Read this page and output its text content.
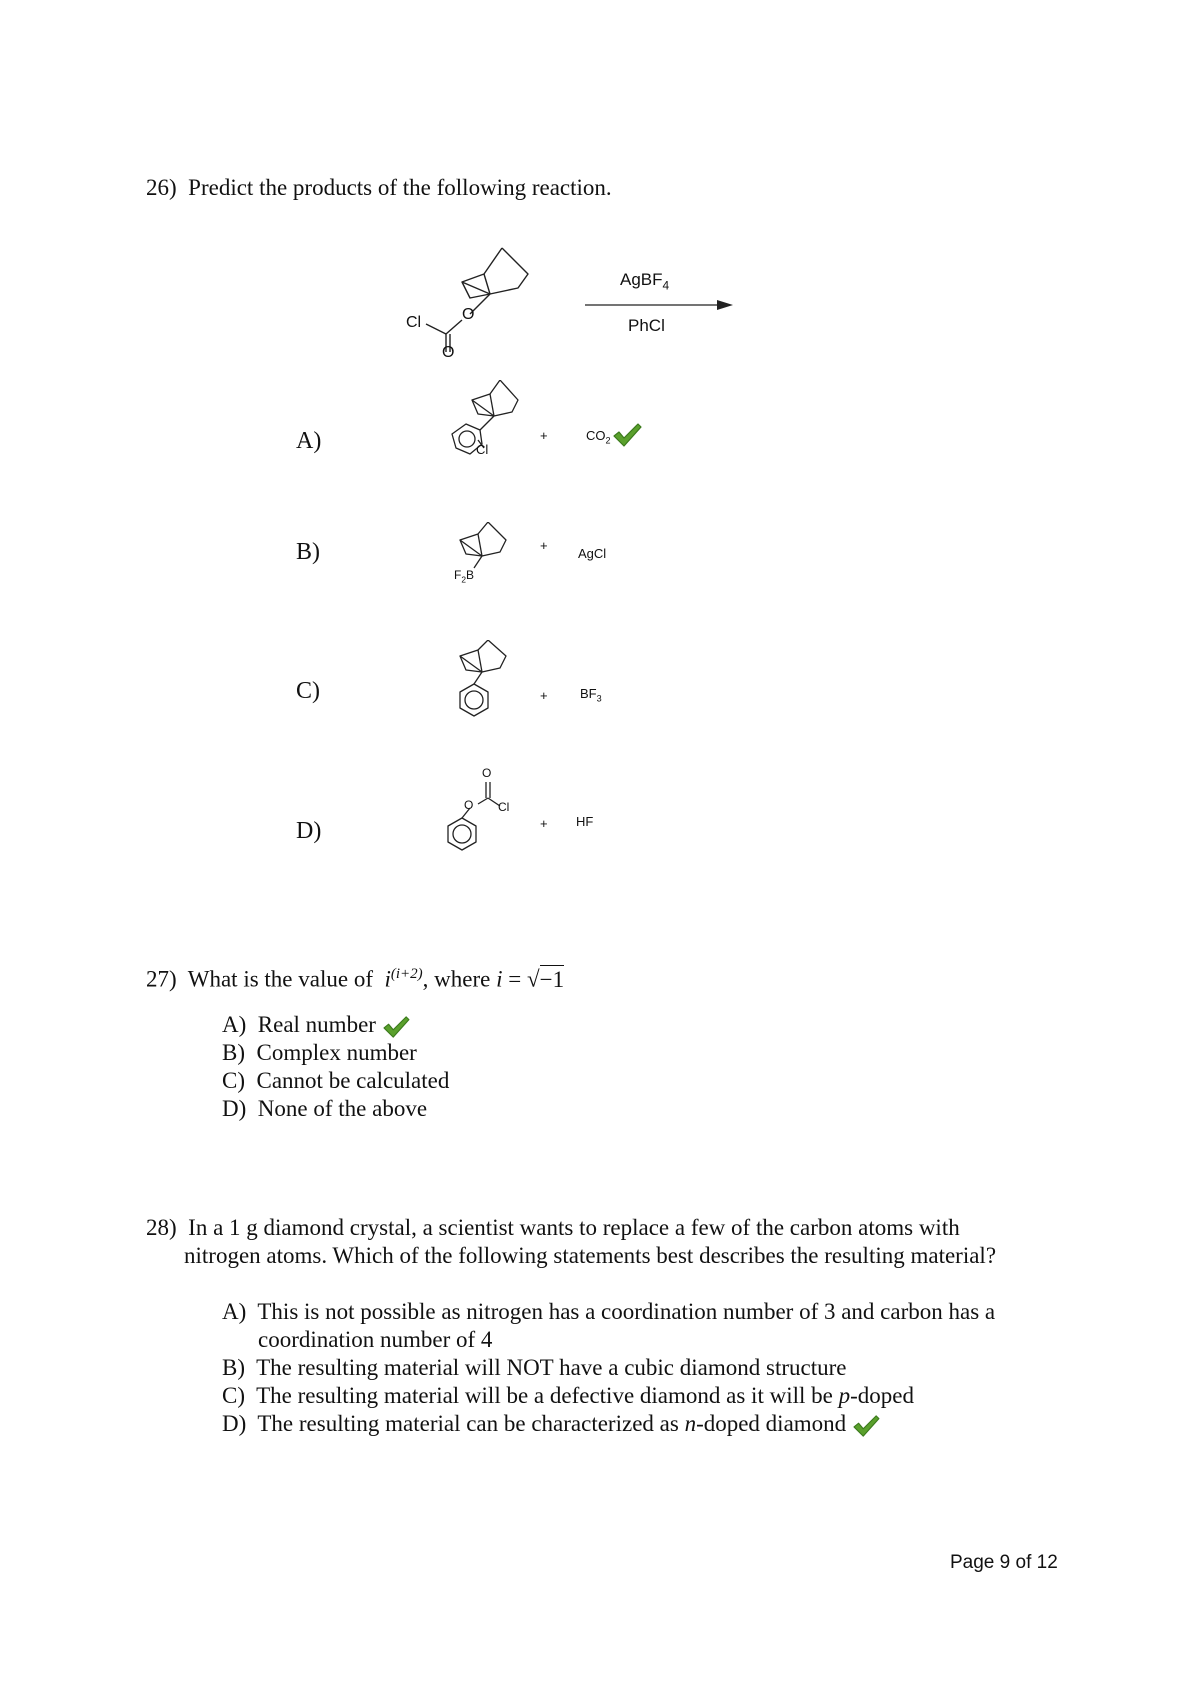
26) Predict the products of the following reaction.
O
Cl
O
AgBF$_4$
PhCl
A)	Cl
+	$CO_2$
B)
$F_2B$
+
AgCl
C)	+ $BF_3$
D)
O
O Cl
+ HF
27) What is the value of $i^{(i+2)}$, where i = √−1
A) Real number
B) Complex number
C) Cannot be calculated
D) None of the above
28) In a 1 g diamond crystal, a scientist wants to replace a few of the carbon atoms with
nitrogen atoms. Which of the following statements best describes the resulting material?
A) This is not possible as nitrogen has a coordination number of 3 and carbon has a
coordination number of 4
B) The resulting material will NOT have a cubic diamond structure
C) The resulting material will be a defective diamond as it will be p-doped
D) The resulting material can be characterized as n-doped diamond
Page 9 of 12
